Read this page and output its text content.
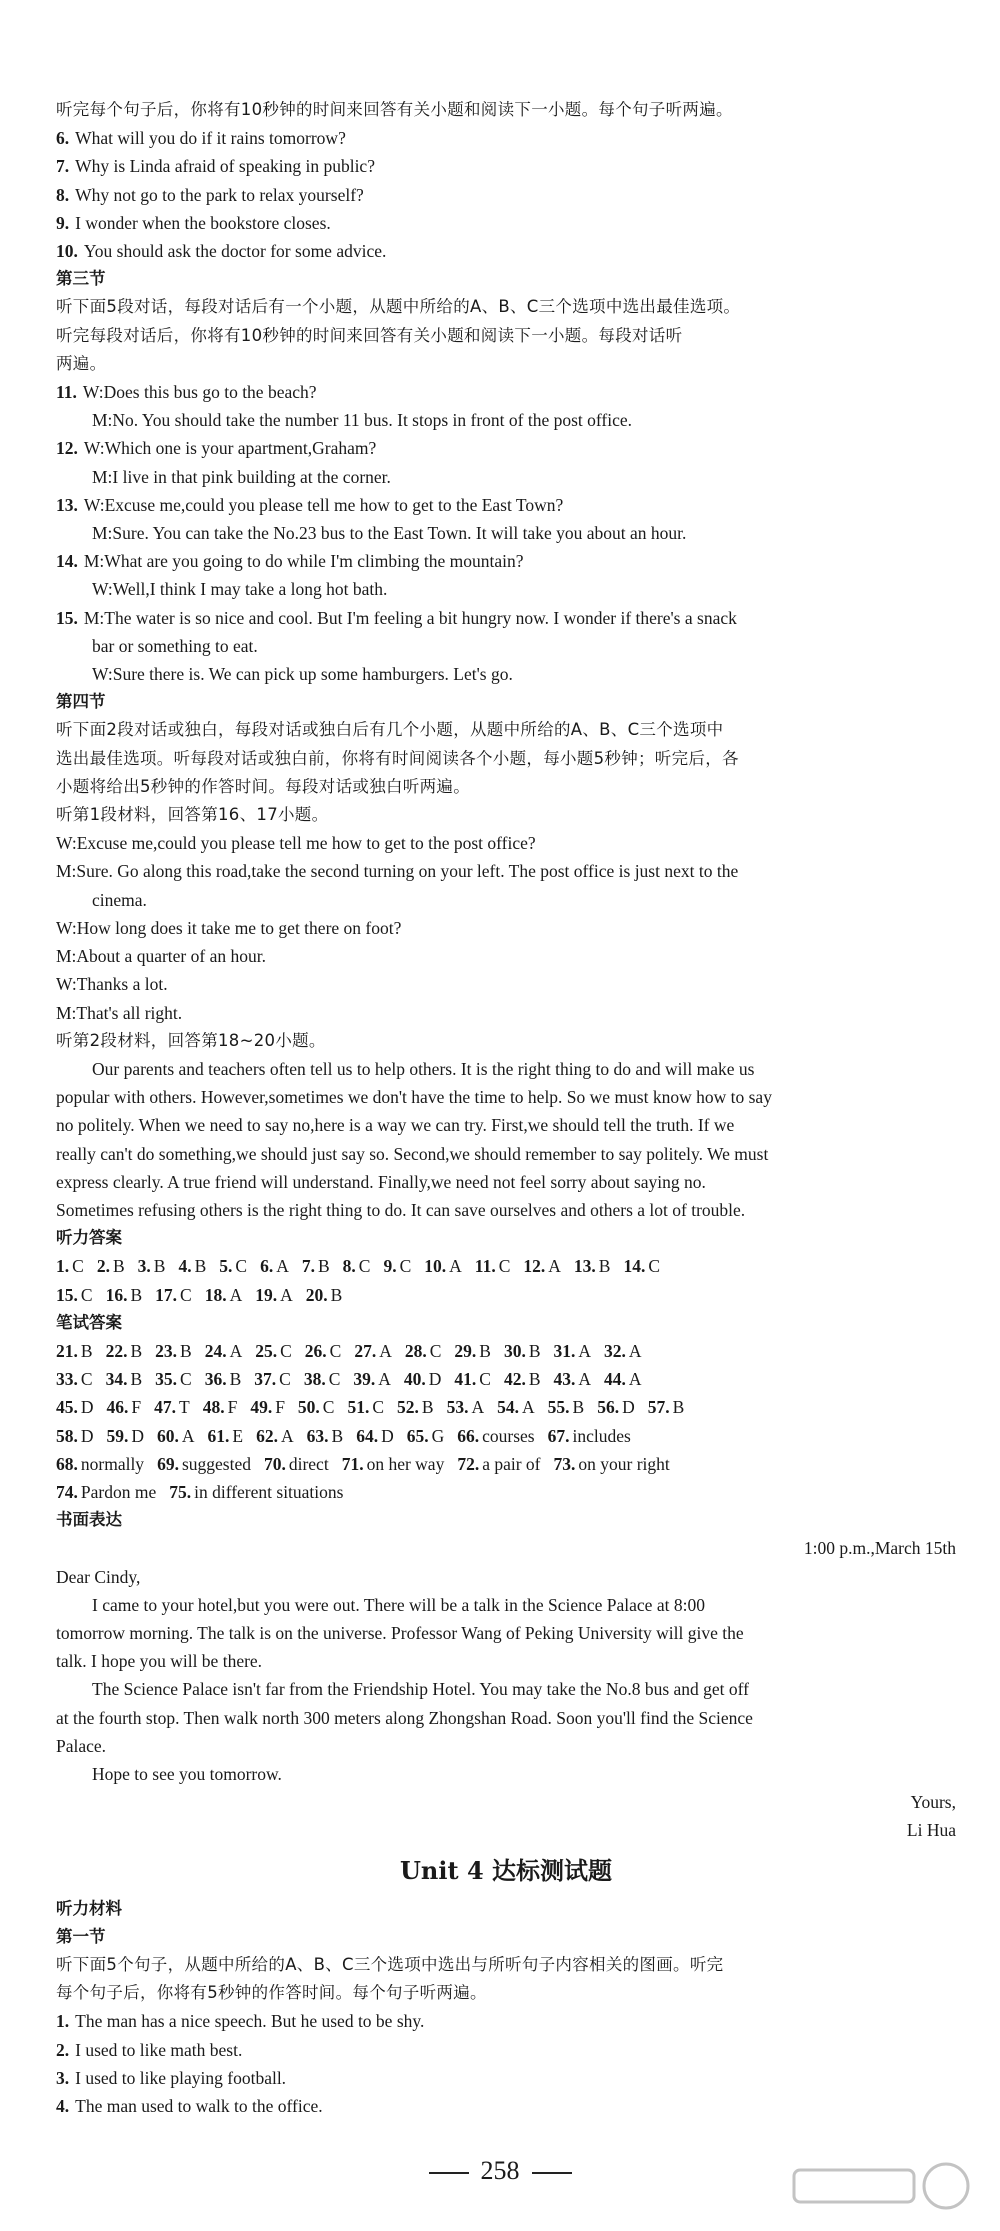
听完每个句子后，你将有10秒钟的时间来回答有关小题和阅读下一小题。每个句子听两遍。

6. What will you do if it rains tomorrow?

7. Why is Linda afraid of speaking in public?

8. Why not go to the park to relax yourself?

9. I wonder when the bookstore closes.

10. You should ask the doctor for some advice.

第三节

听下面5段对话，每段对话后有一个小题，从题中所给的A、B、C三个选项中选出最佳选项。

听完每段对话后，你将有10秒钟的时间来回答有关小题和阅读下一小题。每段对话听

两遍。

11. W:Does this bus go to the beach?

M:No. You should take the number 11 bus. It stops in front of the post office.

12. W:Which one is your apartment,Graham?

M:I live in that pink building at the corner.

13. W:Excuse me,could you please tell me how to get to the East Town?

M:Sure. You can take the No.23 bus to the East Town. It will take you about an hour.

14. M:What are you going to do while I'm climbing the mountain?

W:Well,I think I may take a long hot bath.

15. M:The water is so nice and cool. But I'm feeling a bit hungry now. I wonder if there's a snack

bar or something to eat.

W:Sure there is. We can pick up some hamburgers. Let's go.

第四节

听下面2段对话或独白，每段对话或独白后有几个小题，从题中所给的A、B、C三个选项中

选出最佳选项。听每段对话或独白前，你将有时间阅读各个小题，每小题5秒钟；听完后，各

小题将给出5秒钟的作答时间。每段对话或独白听两遍。

听第1段材料，回答第16、17小题。

W:Excuse me,could you please tell me how to get to the post office?

M:Sure. Go along this road,take the second turning on your left. The post office is just next to the

cinema.

W:How long does it take me to get there on foot?

M:About a quarter of an hour.

W:Thanks a lot.

M:That's all right.

听第2段材料，回答第18~20小题。

Our parents and teachers often tell us to help others. It is the right thing to do and will make us

popular with others. However,sometimes we don't have the time to help. So we must know how to say

no politely. When we need to say no,here is a way we can try. First,we should tell the truth. If we

really can't do something,we should just say so. Second,we should remember to say politely. We must

express clearly. A true friend will understand. Finally,we need not feel sorry about saying no.

Sometimes refusing others is the right thing to do. It can save ourselves and others a lot of trouble.

听力答案

1. C 2. B 3. B 4. B 5. C 6. A 7. B 8. C 9. C 10. A 11. C 12. A 13. B 14. C

15. C 16. B 17. C 18. A 19. A 20. B

笔试答案

21. B 22. B 23. B 24. A 25. C 26. C 27. A 28. C 29. B 30. B 31. A 32. A

33. C 34. B 35. C 36. B 37. C 38. C 39. A 40. D 41. C 42. B 43. A 44. A

45. D 46. F 47. T 48. F 49. F 50. C 51. C 52. B 53. A 54. A 55. B 56. D 57. B

58. D 59. D 60. A 61. E 62. A 63. B 64. D 65. G 66. courses 67. includes

68. normally 69. suggested 70. direct 71. on her way 72. a pair of 73. on your right

74. Pardon me 75. in different situations

书面表达

1:00 p.m.,March 15th

Dear Cindy,

I came to your hotel,but you were out. There will be a talk in the Science Palace at 8:00

tomorrow morning. The talk is on the universe. Professor Wang of Peking University will give the

talk. I hope you will be there.

The Science Palace isn't far from the Friendship Hotel. You may take the No.8 bus and get off

at the fourth stop. Then walk north 300 meters along Zhongshan Road. Soon you'll find the Science

Palace.

Hope to see you tomorrow.

Yours,

Li Hua

Unit 4 达标测试题

听力材料

第一节

听下面5个句子，从题中所给的A、B、C三个选项中选出与所听句子内容相关的图画。听完

每个句子后，你将有5秒钟的作答时间。每个句子听两遍。

1. The man has a nice speech. But he used to be shy.

2. I used to like math best.

3. I used to like playing football.

4. The man used to walk to the office.

258
